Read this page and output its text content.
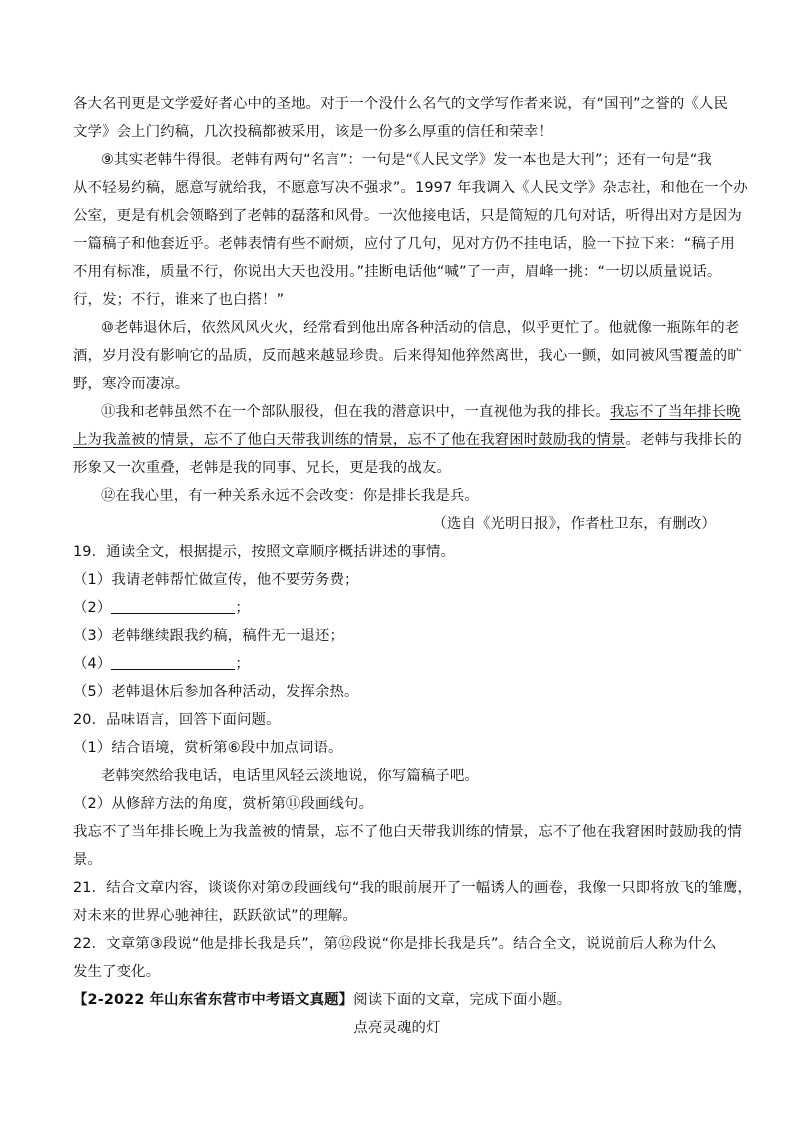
各大名刊更是文学爱好者心中的圣地。对于一个没什么名气的文学写作者来说，有“国刊”之誉的《人民
文学》会上门约稿，几次投稿都被采用，该是一份多么厚重的信任和荣幸！
⑨其实老韩牛得很。老韩有两句“名言”：一句是“《人民文学》发一本也是大刊”；还有一句是“我
从不轻易约稿，愿意写就给我，不愿意写决不强求”。1997 年我调入《人民文学》杂志社，和他在一个办
公室，更是有机会领略到了老韩的磊落和风骨。一次他接电话，只是简短的几句对话，听得出对方是因为
一篇稿子和他套近乎。老韩表情有些不耐烦，应付了几句，见对方仍不挂电话，脸一下拉下来：“稿子用
不用有标准，质量不行，你说出大天也没用。”挂断电话他“喊”了一声，眉峰一挑：“一切以质量说话。
行，发；不行，谁来了也白搭！”
⑩老韩退休后，依然风风火火，经常看到他出席各种活动的信息，似乎更忙了。他就像一瓶陈年的老
酒，岁月没有影响它的品质，反而越来越显珍贵。后来得知他猝然离世，我心一颤，如同被风雪覆盖的旷
野，寒冷而凄凉。
⑪我和老韩虽然不在一个部队服役，但在我的潜意识中，一直视他为我的排长。我忘不了当年排长晚
上为我盖被的情景，忘不了他白天带我训练的情景，忘不了他在我窘困时鼓励我的情景。老韩与我排长的
形象又一次重叠，老韩是我的同事、兄长，更是我的战友。
⑫在我心里，有一种关系永远不会改变：你是排长我是兵。
（选自《光明日报》，作者杜卫东，有删改）
19．通读全文，根据提示，按照文章顺序概括讲述的事情。
（1）我请老韩帮忙做宣传，他不要劳务费；
（2）	；
（3）老韩继续跟我约稿，稿件无一退还；
（4）	；
（5）老韩退休后参加各种活动，发挥余热。
20．品味语言，回答下面问题。
（1）结合语境，赏析第⑥段中加点词语。
老韩突然给我电话，电话里风轻云淡地说，你写篇稿子吧。
（2）从修辞方法的角度，赏析第⑪段画线句。
我忘不了当年排长晚上为我盖被的情景，忘不了他白天带我训练的情景，忘不了他在我窘困时鼓励我的情
景。
21．结合文章内容，谈谈你对第⑦段画线句“我的眼前展开了一幅诱人的画卷，我像一只即将放飞的雏鹰，
对未来的世界心驰神往，跃跃欲试”的理解。
22．文章第③段说“他是排长我是兵”，第⑫段说“你是排长我是兵”。结合全文，说说前后人称为什么
发生了变化。
【2-2022 年山东省东营市中考语文真题】阅读下面的文章，完成下面小题。
点亮灵魂的灯
